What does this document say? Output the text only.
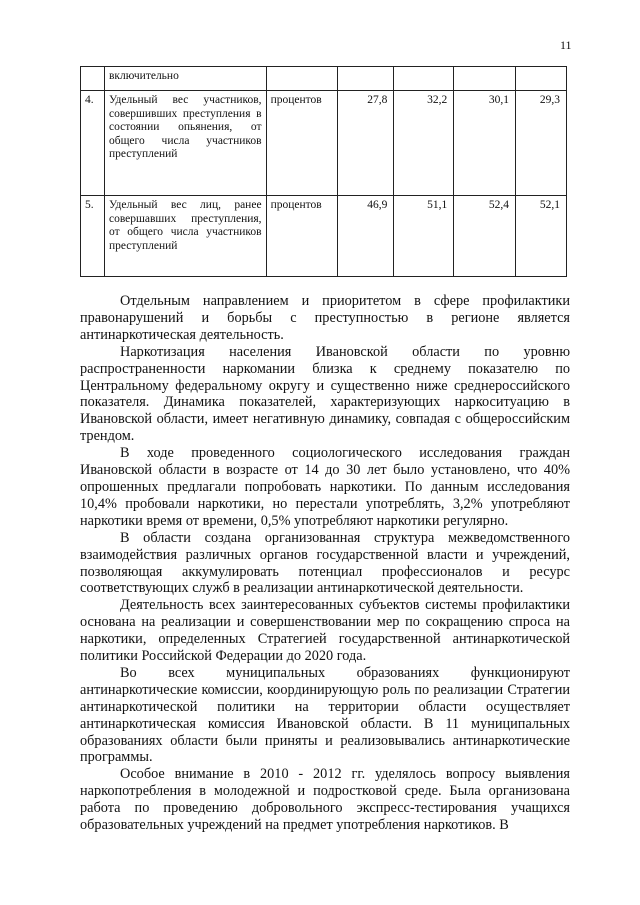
11
	включительно					
4.	Удельный вес участников, совершивших преступления в состоянии опьянения, от общего числа участников преступлений	процентов	27,8	32,2	30,1	29,3
5.	Удельный вес лиц, ранее совершавших преступления, от общего числа участников преступлений	процентов	46,9	51,1	52,4	52,1

Отдельным направлением и приоритетом в сфере профилактики правонарушений и борьбы с преступностью в регионе является антинаркотическая деятельность.

Наркотизация населения Ивановской области по уровню распространенности наркомании близка к среднему показателю по Центральному федеральному округу и существенно ниже среднероссийского показателя. Динамика показателей, характеризующих наркоситуацию в Ивановской области, имеет негативную динамику, совпадая с общероссийским трендом.

В ходе проведенного социологического исследования граждан Ивановской области в возрасте от 14 до 30 лет было установлено, что 40% опрошенных предлагали попробовать наркотики. По данным исследования 10,4% пробовали наркотики, но перестали употреблять, 3,2% употребляют наркотики время от времени, 0,5% употребляют наркотики регулярно.

В области создана организованная структура межведомственного взаимодействия различных органов государственной власти и учреждений, позволяющая аккумулировать потенциал профессионалов и ресурс соответствующих служб в реализации антинаркотической деятельности.

Деятельность всех заинтересованных субъектов системы профилактики основана на реализации и совершенствовании мер по сокращению спроса на наркотики, определенных Стратегией государственной антинаркотической политики Российской Федерации до 2020 года.

Во всех муниципальных образованиях функционируют антинаркотические комиссии, координирующую роль по реализации Стратегии антинаркотической политики на территории области осуществляет антинаркотическая комиссия Ивановской области. В 11 муниципальных образованиях области были приняты и реализовывались антинаркотические программы.

Особое внимание в 2010 - 2012 гг. уделялось вопросу выявления наркопотребления в молодежной и подростковой среде. Была организована работа по проведению добровольного экспресс-тестирования учащихся образовательных учреждений на предмет употребления наркотиков. В
